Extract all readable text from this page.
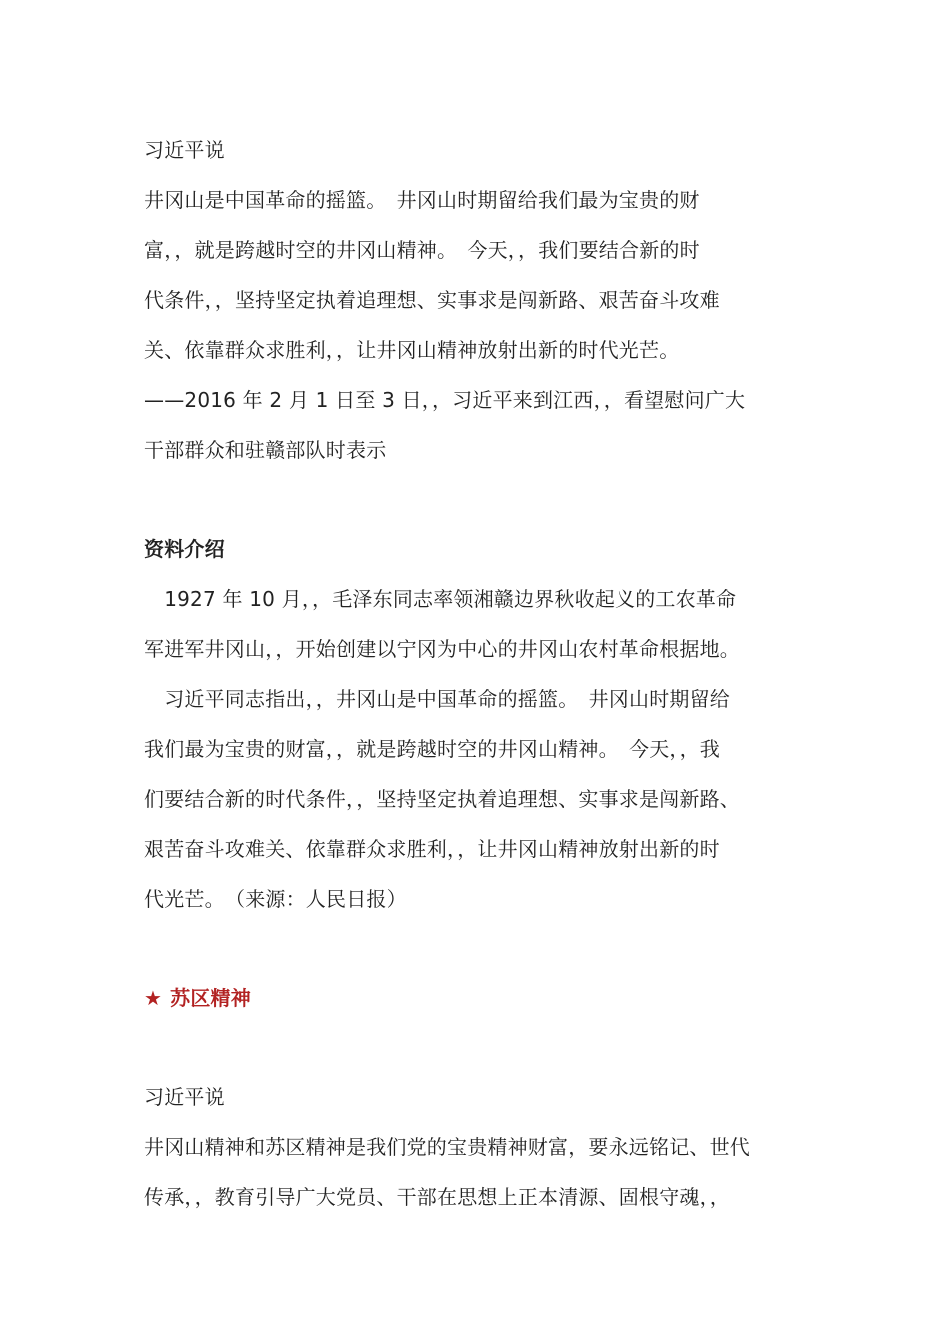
习近平说
井冈山是中国革命的摇篮。　井冈山时期留给我们最为宝贵的财
富，，就是跨越时空的井冈山精神。　今天，，我们要结合新的时
代条件，，坚持坚定执着追理想、实事求是闯新路、艰苦奋斗攻难
关、依靠群众求胜利，，让井冈山精神放射出新的时代光芒。
——2016 年 2 月 1 日至 3 日，，习近平来到江西，，看望慰问广大
干部群众和驻赣部队时表示
资料介绍
　1927 年 10 月，，毛泽东同志率领湘赣边界秋收起义的工农革命
军进军井冈山，，开始创建以宁冈为中心的井冈山农村革命根据地。
　习近平同志指出，，井冈山是中国革命的摇篮。　井冈山时期留给
我们最为宝贵的财富，，就是跨越时空的井冈山精神。　今天，，我
们要结合新的时代条件，，坚持坚定执着追理想、实事求是闯新路、
艰苦奋斗攻难关、依靠群众求胜利，，让井冈山精神放射出新的时
代光芒。　（来源：人民日报）
★ 苏区精神
习近平说
井冈山精神和苏区精神是我们党的宝贵精神财富，要永远铭记、世代
传承，，教育引导广大党员、干部在思想上正本清源、固根守魂，，
